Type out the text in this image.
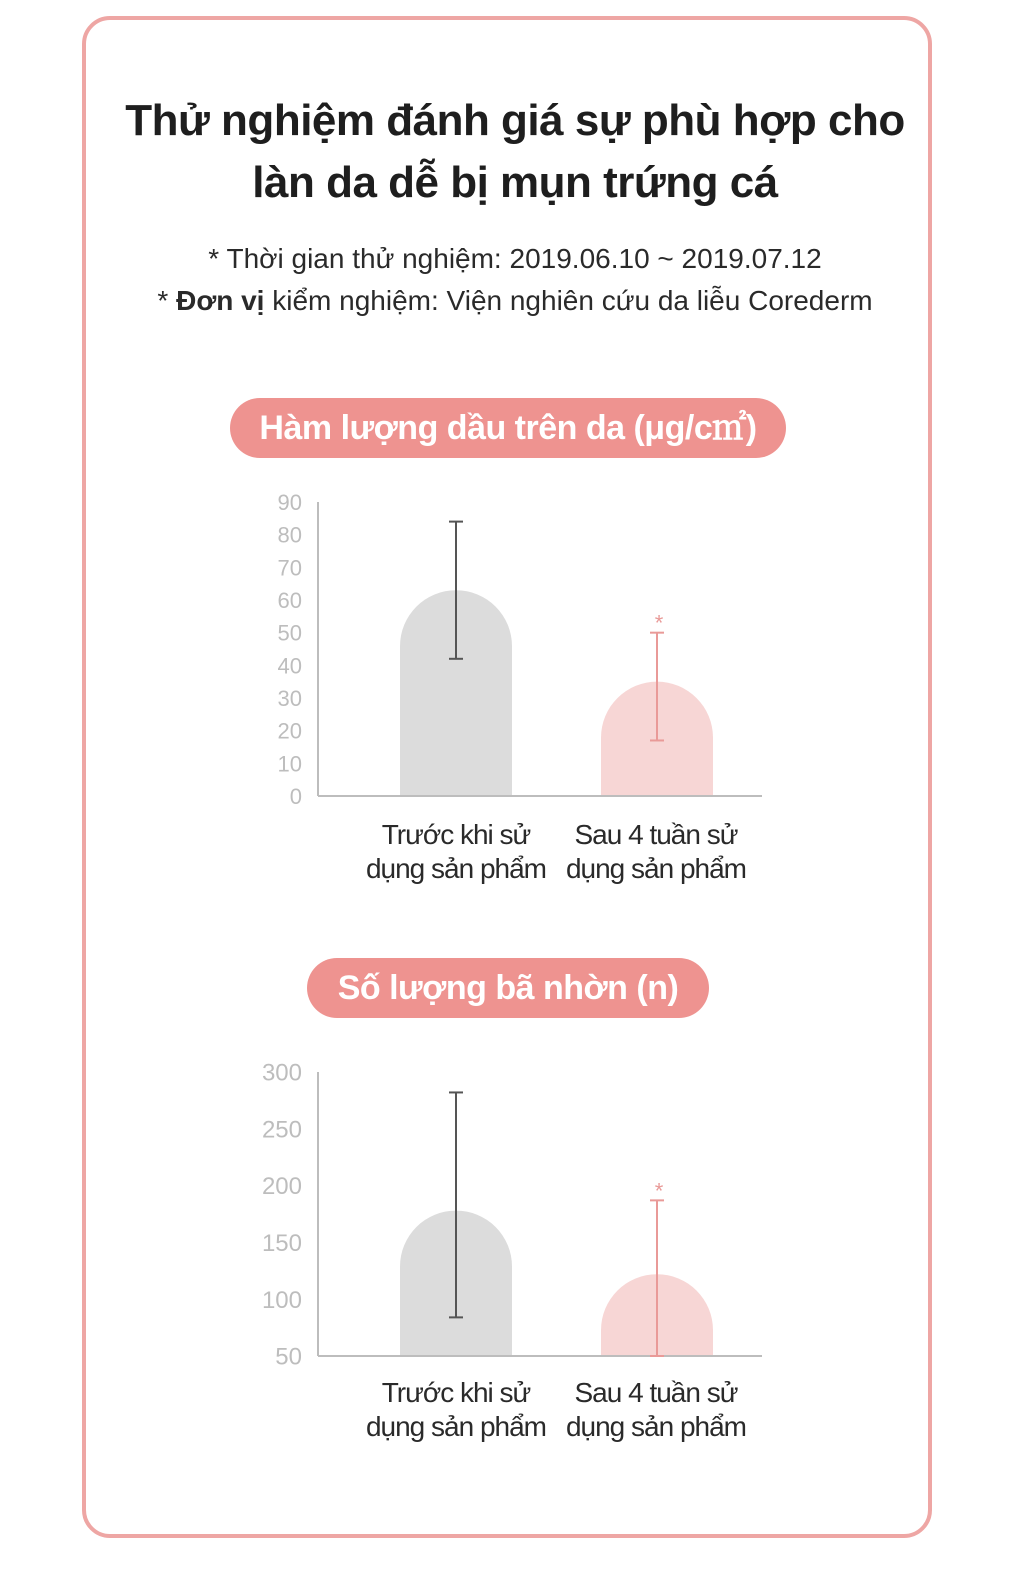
Thử nghiệm đánh giá sự phù hợp cho
làn da dễ bị mụn trứng cá
* Thời gian thử nghiệm: 2019.06.10 ~ 2019.07.12
* Đơn vị kiểm nghiệm: Viện nghiên cứu da liễu Corederm
Hàm lượng dầu trên da (μg/c㎡)
0
10
20
30
40
50
60
70
80
90
*
Trước khi sử
dụng sản phẩm
Sau 4 tuần sử
dụng sản phẩm
Số lượng bã nhờn (n)
50
100
150
200
250
300
*
Trước khi sử
dụng sản phẩm
Sau 4 tuần sử
dụng sản phẩm
